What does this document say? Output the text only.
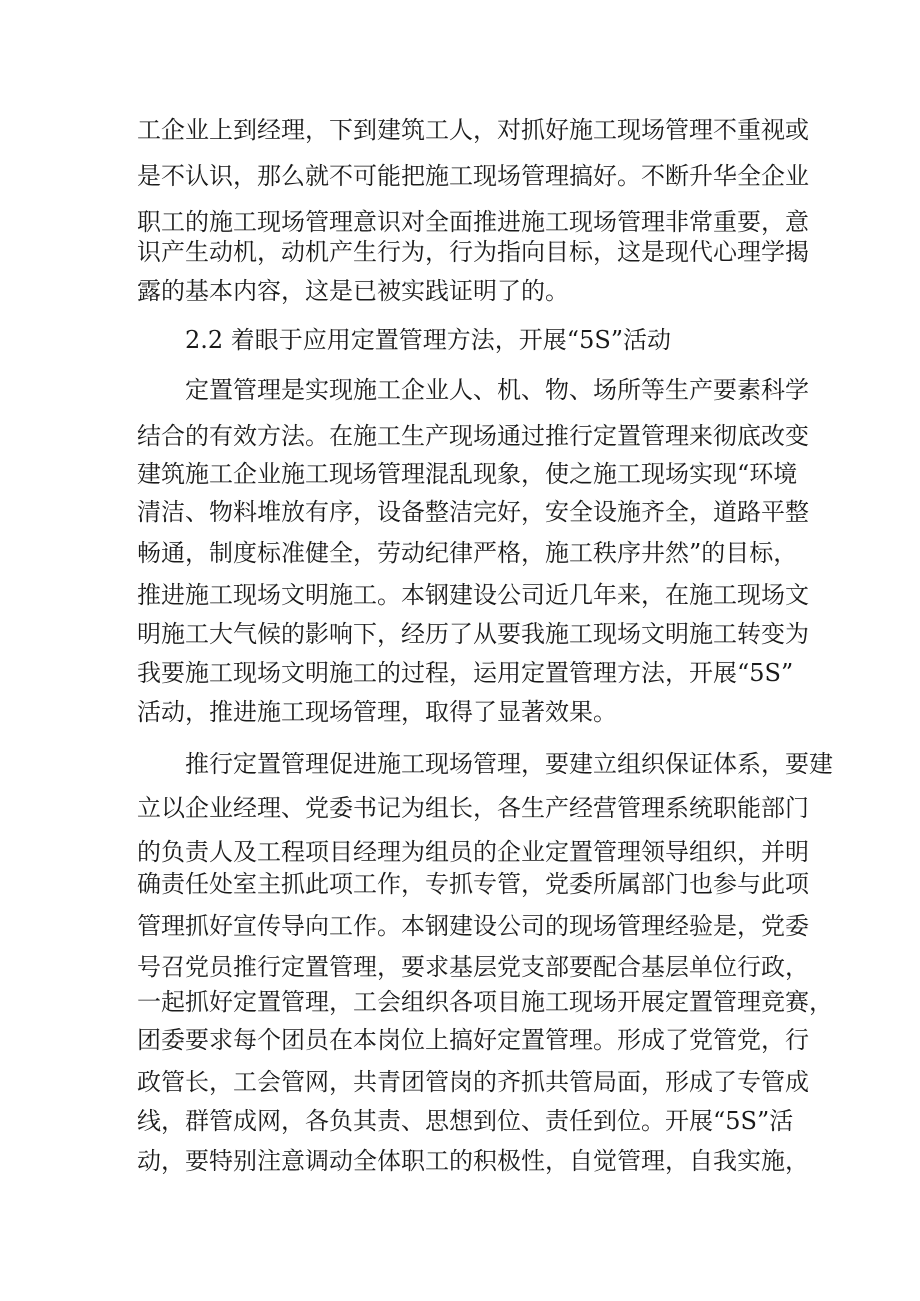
工企业上到经理，下到建筑工人，对抓好施工现场管理不重视或
是不认识，那么就不可能把施工现场管理搞好。不断升华全企业
职工的施工现场管理意识对全面推进施工现场管理非常重要，意
识产生动机，动机产生行为，行为指向目标，这是现代心理学揭
露的基本内容，这是已被实践证明了的。
2.2 着眼于应用定置管理方法，开展“5S”活动
定置管理是实现施工企业人、机、物、场所等生产要素科学
结合的有效方法。在施工生产现场通过推行定置管理来彻底改变
建筑施工企业施工现场管理混乱现象，使之施工现场实现“环境
清洁、物料堆放有序，设备整洁完好，安全设施齐全，道路平整
畅通，制度标准健全，劳动纪律严格，施工秩序井然”的目标，
推进施工现场文明施工。本钢建设公司近几年来，在施工现场文
明施工大气候的影响下，经历了从要我施工现场文明施工转变为
我要施工现场文明施工的过程，运用定置管理方法，开展“5S”
活动，推进施工现场管理，取得了显著效果。
推行定置管理促进施工现场管理，要建立组织保证体系，要建
立以企业经理、党委书记为组长，各生产经营管理系统职能部门
的负责人及工程项目经理为组员的企业定置管理领导组织，并明
确责任处室主抓此项工作，专抓专管，党委所属部门也参与此项
管理抓好宣传导向工作。本钢建设公司的现场管理经验是，党委
号召党员推行定置管理，要求基层党支部要配合基层单位行政，
一起抓好定置管理，工会组织各项目施工现场开展定置管理竞赛，
团委要求每个团员在本岗位上搞好定置管理。形成了党管党，行
政管长，工会管网，共青团管岗的齐抓共管局面，形成了专管成
线，群管成网，各负其责、思想到位、责任到位。开展“5S”活
动，要特别注意调动全体职工的积极性，自觉管理，自我实施，
